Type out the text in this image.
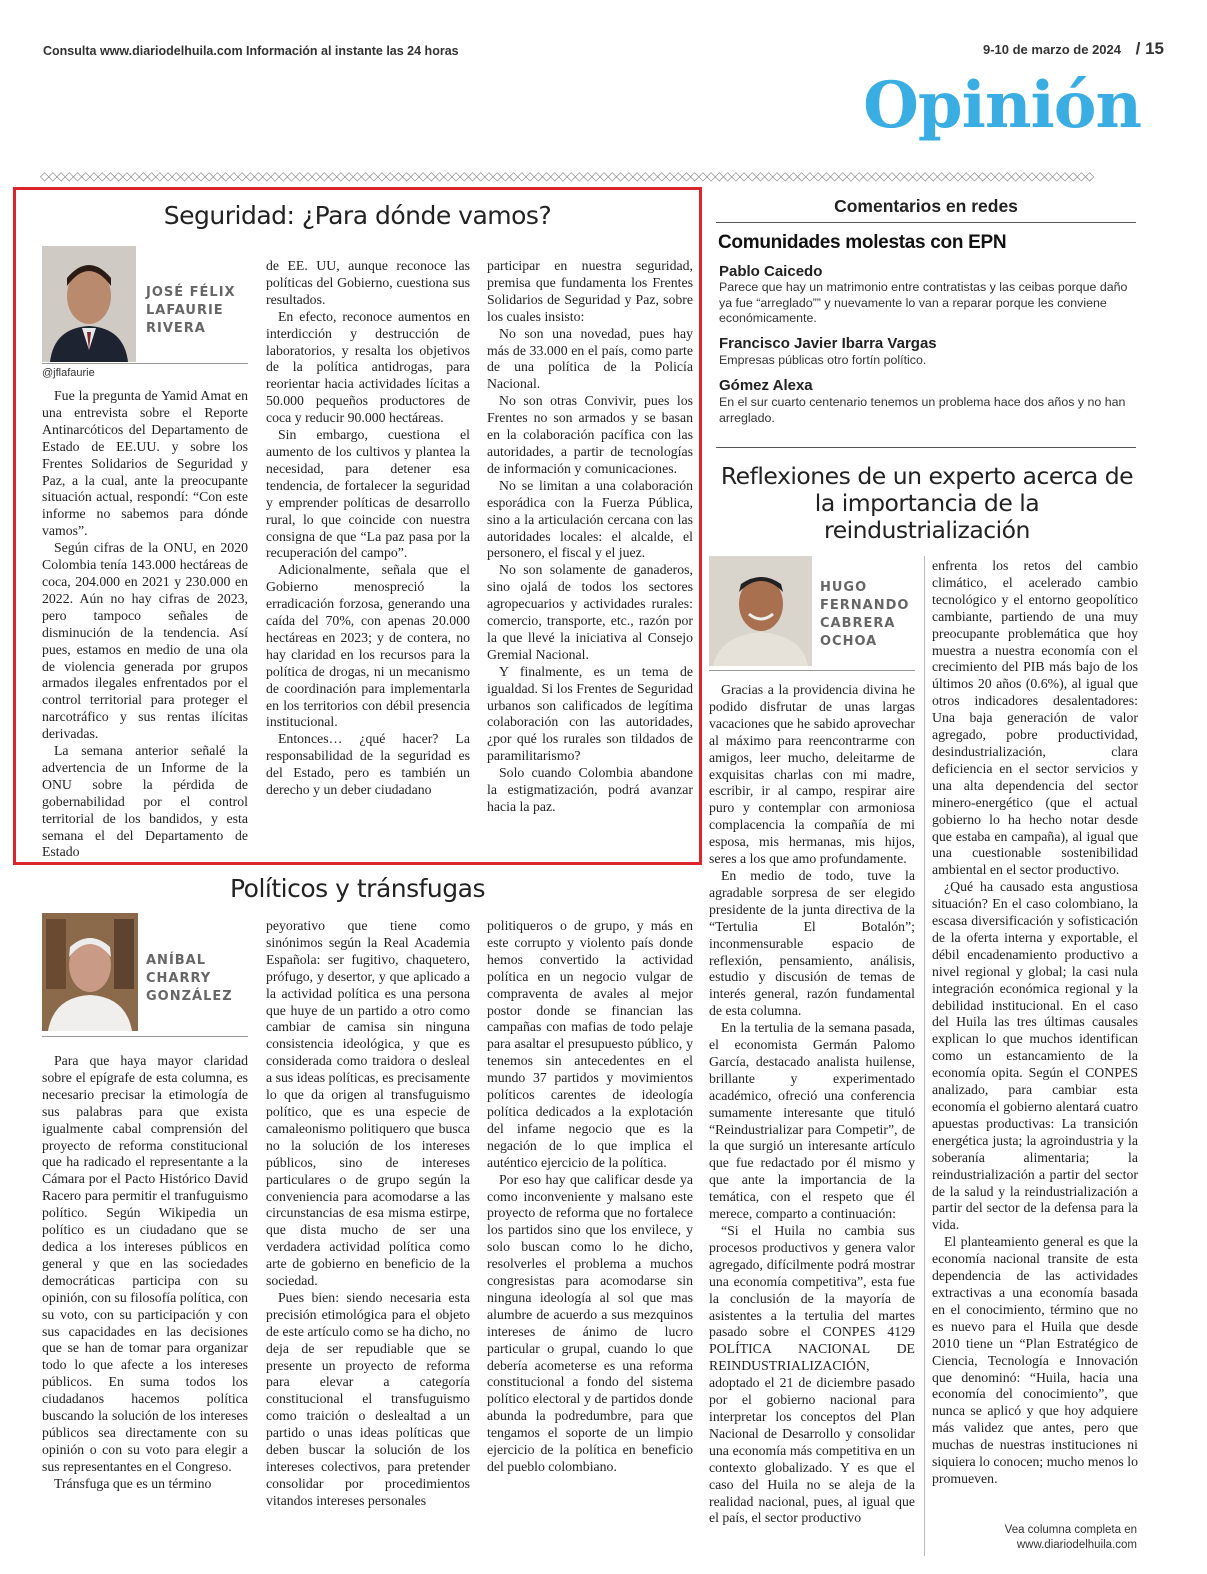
Consulta www.diariodelhuila.com Información al instante las 24 horas	9-10 de marzo de 2024 / 15
Opinión
◇◇◇◇◇◇◇◇◇◇◇◇◇◇◇◇◇◇◇◇◇◇◇◇◇◇◇◇◇◇◇◇◇◇◇◇◇◇◇◇◇◇◇◇◇◇◇◇◇◇◇◇◇◇◇◇◇◇◇◇◇◇◇◇◇◇◇◇◇◇◇◇◇◇◇◇◇◇◇◇◇◇◇◇◇◇◇◇◇◇◇◇◇◇◇◇◇◇◇◇◇◇◇◇◇◇◇◇◇◇◇◇◇◇◇◇◇◇◇◇◇◇◇◇◇◇◇◇
Seguridad: ¿Para dónde vamos?
JOSÉ FÉLIX
LAFAURIE
RIVERA
@jflafaurie

Fue la pregunta de Yamid Amat en una entrevista sobre el Reporte Antinarcóticos del Departamento de Estado de EE.UU. y sobre los Frentes Solidarios de Seguridad y Paz, a la cual, ante la preocupante situación actual, respondí: “Con este informe no sabemos para dónde vamos”.

Según cifras de la ONU, en 2020 Colombia tenía 143.000 hectáreas de coca, 204.000 en 2021 y 230.000 en 2022. Aún no hay cifras de 2023, pero tampoco señales de disminución de la tendencia. Así pues, estamos en medio de una ola de violencia generada por grupos armados ilegales enfrentados por el control territorial para proteger el narcotráfico y sus rentas ilícitas derivadas.

La semana anterior señalé la advertencia de un Informe de la ONU sobre la pérdida de gobernabilidad por el control territorial de los bandidos, y esta semana el del Departamento de Estado

de EE. UU, aunque reconoce las políticas del Gobierno, cuestiona sus resultados.

En efecto, reconoce aumentos en interdicción y destrucción de laboratorios, y resalta los objetivos de la política antidrogas, para reorientar hacia actividades lícitas a 50.000 pequeños productores de coca y reducir 90.000 hectáreas.

Sin embargo, cuestiona el aumento de los cultivos y plantea la necesidad, para detener esa tendencia, de fortalecer la seguridad y emprender políticas de desarrollo rural, lo que coincide con nuestra consigna de que “La paz pasa por la recuperación del campo”.

Adicionalmente, señala que el Gobierno menospreció la erradicación forzosa, generando una caída del 70%, con apenas 20.000 hectáreas en 2023; y de contera, no hay claridad en los recursos para la política de drogas, ni un mecanismo de coordinación para implementarla en los territorios con débil presencia institucional.

Entonces… ¿qué hacer? La responsabilidad de la seguridad es del Estado, pero es también un derecho y un deber ciudadano

participar en nuestra seguridad, premisa que fundamenta los Frentes Solidarios de Seguridad y Paz, sobre los cuales insisto:

No son una novedad, pues hay más de 33.000 en el país, como parte de una política de la Policía Nacional.

No son otras Convivir, pues los Frentes no son armados y se basan en la colaboración pacífica con las autoridades, a partir de tecnologías de información y comunicaciones.

No se limitan a una colaboración esporádica con la Fuerza Pública, sino a la articulación cercana con las autoridades locales: el alcalde, el personero, el fiscal y el juez.

No son solamente de ganaderos, sino ojalá de todos los sectores agropecuarios y actividades rurales: comercio, transporte, etc., razón por la que llevé la iniciativa al Consejo Gremial Nacional.

Y finalmente, es un tema de igualdad. Si los Frentes de Seguridad urbanos son calificados de legítima colaboración con las autoridades, ¿por qué los rurales son tildados de paramilitarismo?

Solo cuando Colombia abandone la estigmatización, podrá avanzar hacia la paz.

Políticos y tránsfugas
ANÍBAL
CHARRY
GONZÁLEZ

Para que haya mayor claridad sobre el epígrafe de esta columna, es necesario precisar la etimología de sus palabras para que exista igualmente cabal comprensión del proyecto de reforma constitucional que ha radicado el representante a la Cámara por el Pacto Histórico David Racero para permitir el tranfuguismo político. Según Wikipedia un político es un ciudadano que se dedica a los intereses públicos en general y que en las sociedades democráticas participa con su opinión, con su filosofía política, con su voto, con su participación y con sus capacidades en las decisiones que se han de tomar para organizar todo lo que afecte a los intereses públicos. En suma todos los ciudadanos hacemos política buscando la solución de los intereses públicos sea directamente con su opinión o con su voto para elegir a sus representantes en el Congreso.

Tránsfuga que es un término

peyorativo que tiene como sinónimos según la Real Academia Española: ser fugitivo, chaquetero, prófugo, y desertor, y que aplicado a la actividad política es una persona que huye de un partido a otro como cambiar de camisa sin ninguna consistencia ideológica, y que es considerada como traidora o desleal a sus ideas políticas, es precisamente lo que da origen al transfuguismo político, que es una especie de camaleonismo politiquero que busca no la solución de los intereses públicos, sino de intereses particulares o de grupo según la conveniencia para acomodarse a las circunstancias de esa misma estirpe, que dista mucho de ser una verdadera actividad política como arte de gobierno en beneficio de la sociedad.

Pues bien: siendo necesaria esta precisión etimológica para el objeto de este artículo como se ha dicho, no deja de ser repudiable que se presente un proyecto de reforma para elevar a categoría constitucional el transfuguismo como traición o deslealtad a un partido o unas ideas políticas que deben buscar la solución de los intereses colectivos, para pretender consolidar por procedimientos vitandos intereses personales

politiqueros o de grupo, y más en este corrupto y violento país donde hemos convertido la actividad política en un negocio vulgar de compraventa de avales al mejor postor donde se financian las campañas con mafias de todo pelaje para asaltar el presupuesto público, y tenemos sin antecedentes en el mundo 37 partidos y movimientos políticos carentes de ideología política dedicados a la explotación del infame negocio que es la negación de lo que implica el auténtico ejercicio de la política.

Por eso hay que calificar desde ya como inconveniente y malsano este proyecto de reforma que no fortalece los partidos sino que los envilece, y solo buscan como lo he dicho, resolverles el problema a muchos congresistas para acomodarse sin ninguna ideología al sol que mas alumbre de acuerdo a sus mezquinos intereses de ánimo de lucro particular o grupal, cuando lo que debería acometerse es una reforma constitucional a fondo del sistema político electoral y de partidos donde abunda la podredumbre, para que tengamos el soporte de un limpio ejercicio de la política en beneficio del pueblo colombiano.

Comentarios en redes
Comunidades molestas con EPN
Pablo Caicedo
Parece que hay un matrimonio entre contratistas y las ceibas porque daño ya fue “arreglado”” y nuevamente lo van a reparar porque les conviene económicamente.
Francisco Javier Ibarra Vargas
Empresas públicas otro fortín político.
Gómez Alexa
En el sur cuarto centenario tenemos un problema hace dos años y no han arreglado.
Reflexiones de un experto acerca de la importancia de la reindustrialización
HUGO
FERNANDO
CABRERA
OCHOA

Gracias a la providencia divina he podido disfrutar de unas largas vacaciones que he sabido aprovechar al máximo para reencontrarme con amigos, leer mucho, deleitarme de exquisitas charlas con mi madre, escribir, ir al campo, respirar aire puro y contemplar con armoniosa complacencia la compañía de mi esposa, mis hermanas, mis hijos, seres a los que amo profundamente.

En medio de todo, tuve la agradable sorpresa de ser elegido presidente de la junta directiva de la “Tertulia El Botalón”; inconmensurable espacio de reflexión, pensamiento, análisis, estudio y discusión de temas de interés general, razón fundamental de esta columna.

En la tertulia de la semana pasada, el economista Germán Palomo García, destacado analista huilense, brillante y experimentado académico, ofreció una conferencia sumamente interesante que tituló “Reindustrializar para Competir”, de la que surgió un interesante artículo que fue redactado por él mismo y que ante la importancia de la temática, con el respeto que él merece, comparto a continuación:

“Si el Huila no cambia sus procesos productivos y genera valor agregado, difícilmente podrá mostrar una economía competitiva”, esta fue la conclusión de la mayoría de asistentes a la tertulia del martes pasado sobre el CONPES 4129 POLÍTICA NACIONAL DE REINDUSTRIALIZACIÓN, adoptado el 21 de diciembre pasado por el gobierno nacional para interpretar los conceptos del Plan Nacional de Desarrollo y consolidar una economía más competitiva en un contexto globalizado. Y es que el caso del Huila no se aleja de la realidad nacional, pues, al igual que el país, el sector productivo

enfrenta los retos del cambio climático, el acelerado cambio tecnológico y el entorno geopolítico cambiante, partiendo de una muy preocupante problemática que hoy muestra a nuestra economía con el crecimiento del PIB más bajo de los últimos 20 años (0.6%), al igual que otros indicadores desalentadores: Una baja generación de valor agregado, pobre productividad, desindustrialización, clara deficiencia en el sector servicios y una alta dependencia del sector minero-energético (que el actual gobierno lo ha hecho notar desde que estaba en campaña), al igual que una cuestionable sostenibilidad ambiental en el sector productivo.

¿Qué ha causado esta angustiosa situación? En el caso colombiano, la escasa diversificación y sofisticación de la oferta interna y exportable, el débil encadenamiento productivo a nivel regional y global; la casi nula integración económica regional y la debilidad institucional. En el caso del Huila las tres últimas causales explican lo que muchos identifican como un estancamiento de la economía opita. Según el CONPES analizado, para cambiar esta economía el gobierno alentará cuatro apuestas productivas: La transición energética justa; la agroindustria y la soberanía alimentaria; la reindustrialización a partir del sector de la salud y la reindustrialización a partir del sector de la defensa para la vida.

El planteamiento general es que la economía nacional transite de esta dependencia de las actividades extractivas a una economía basada en el conocimiento, término que no es nuevo para el Huila que desde 2010 tiene un “Plan Estratégico de Ciencia, Tecnología e Innovación que denominó: “Huila, hacia una economía del conocimiento”, que nunca se aplicó y que hoy adquiere más validez que antes, pero que muchas de nuestras instituciones ni siquiera lo conocen; mucho menos lo promueven.

Vea columna completa en
www.diariodelhuila.com
